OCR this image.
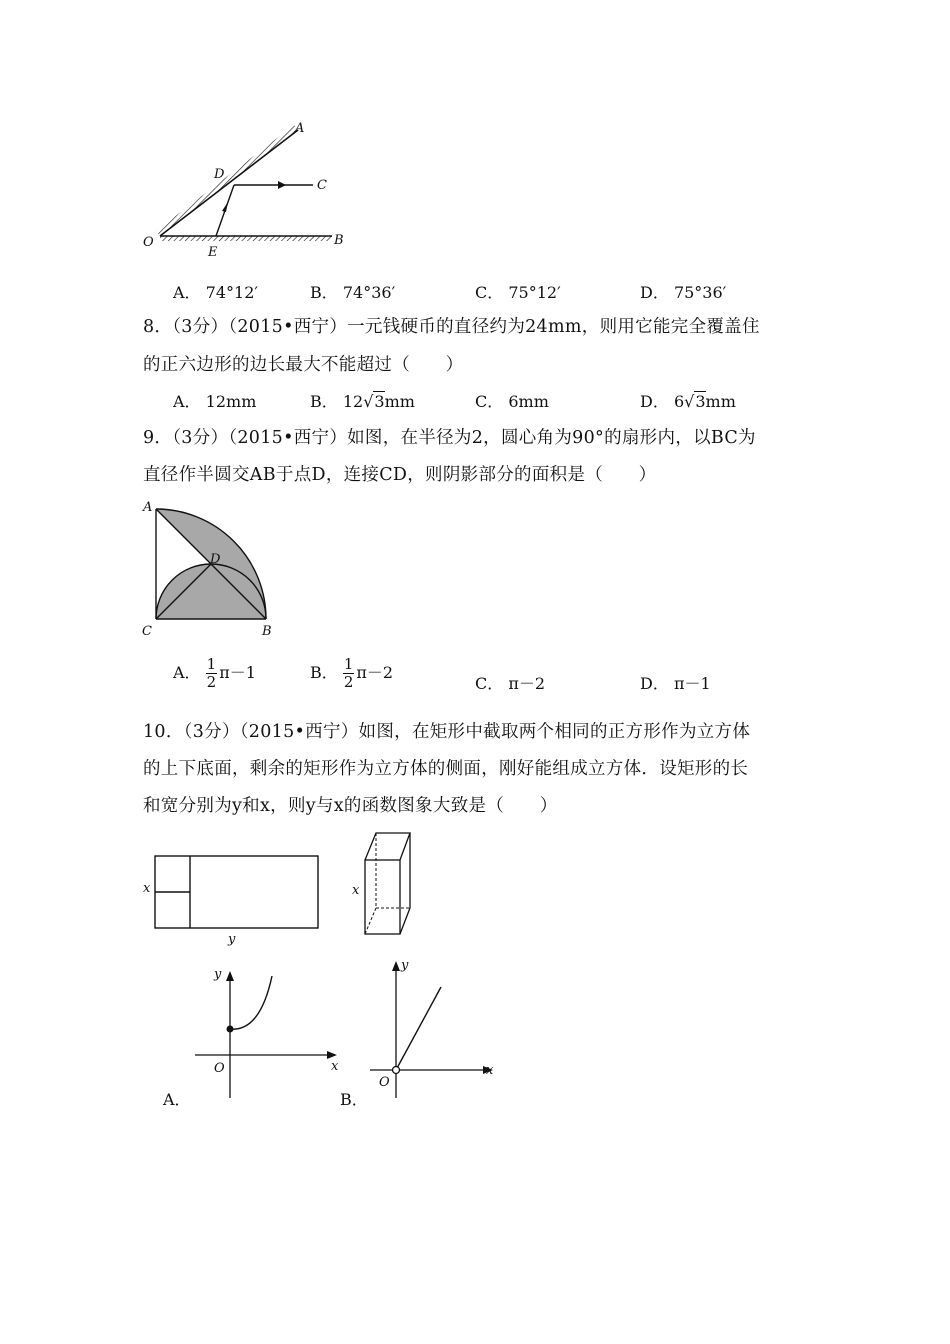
A
D
C
O	B
E
A． 74°12′	B． 74°36′	C． 75°12′	D． 75°36′
8．（3分）（2015•西宁）一元钱硬币的直径约为24mm，则用它能完全覆盖住
的正六边形的边长最大不能超过（　　）
A． 12mm	B． 12√3mm	C． 6mm	D． 6√3mm
9．（3分）（2015•西宁）如图，在半径为2，圆心角为90°的扇形内，以BC为
直径作半圆交AB于点D，连接CD，则阴影部分的面积是（　　）
A
D
C	B
A． $\frac{1}{2} \pi-1$	B． $\frac{1}{2} \pi-2$
C． π－2	D． π－1
10．（3分）（2015•西宁）如图，在矩形中截取两个相同的正方形作为立方体
的上下底面，剩余的矩形作为立方体的侧面，刚好能组成立方体．设矩形的长
和宽分别为y和x，则y与x的函数图象大致是（　　）
x
y
x
y
x
O
y
x
O
A．	B．
